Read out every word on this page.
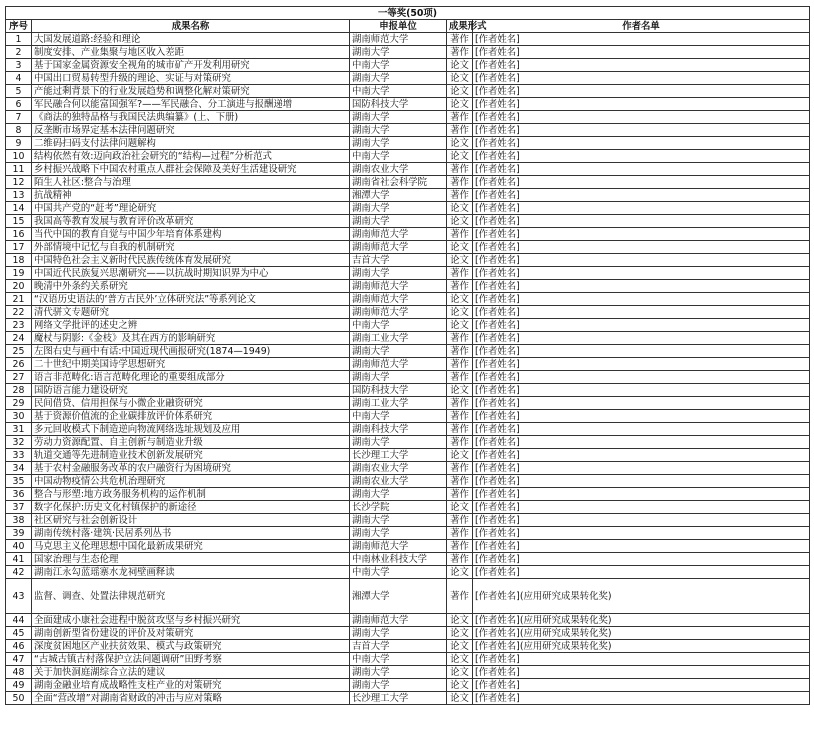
一等奖(50项)				
序号	成果名称	申报单位	成果形式	作者名单
1	大国发展道路:经验和理论	湖南师范大学	著作	[作者姓名]
2	制度安排、产业集聚与地区收入差距	湖南大学	著作	[作者姓名]
3	基于国家金属资源安全视角的城市矿产开发利用研究	中南大学	论文	[作者姓名]
4	中国出口贸易转型升级的理论、实证与对策研究	湖南大学	论文	[作者姓名]
5	产能过剩背景下的行业发展趋势和调整化解对策研究	中南大学	论文	[作者姓名]
6	军民融合何以能富国强军?——军民融合、分工演进与报酬递增	国防科技大学	论文	[作者姓名]
7	《商法的独特品格与我国民法典编纂》(上、下册)	湖南大学	著作	[作者姓名]
8	反垄断市场界定基本法律问题研究	湖南大学	著作	[作者姓名]
9	二维码扫码支付法律问题解构	湖南大学	论文	[作者姓名]
10	结构依然有效:迈向政治社会研究的“结构—过程”分析范式	中南大学	论文	[作者姓名]
11	乡村振兴战略下中国农村重点人群社会保障及美好生活建设研究	湖南农业大学	著作	[作者姓名]
12	陌生人社区:整合与治理	湖南省社会科学院	著作	[作者姓名]
13	抗战精神	湘潭大学	著作	[作者姓名]
14	中国共产党的“赶考”理论研究	湖南大学	论文	[作者姓名]
15	我国高等教育发展与教育评价改革研究	湖南大学	论文	[作者姓名]
16	当代中国的教育自觉与中国少年培育体系建构	湖南师范大学	著作	[作者姓名]
17	外部情境中记忆与自我的机制研究	湖南师范大学	论文	[作者姓名]
18	中国特色社会主义新时代民族传统体育发展研究	吉首大学	论文	[作者姓名]
19	中国近代民族复兴思潮研究——以抗战时期知识界为中心	湖南大学	著作	[作者姓名]
20	晚清中外条约关系研究	湖南师范大学	著作	[作者姓名]
21	“汉语历史语法的‘普方古民外’立体研究法”等系列论文	湖南师范大学	论文	[作者姓名]
22	清代骈文专题研究	湖南师范大学	论文	[作者姓名]
23	网络文学批评的述史之辨	中南大学	论文	[作者姓名]
24	魔杖与阴影:《金枝》及其在西方的影响研究	湖南工业大学	著作	[作者姓名]
25	左图右史与画中有话:中国近现代画报研究(1874—1949)	湖南大学	著作	[作者姓名]
26	二十世纪中期美国诗学思想研究	湖南师范大学	著作	[作者姓名]
27	语言非范畴化:语言范畴化理论的重要组成部分	湖南大学	著作	[作者姓名]
28	国防语言能力建设研究	国防科技大学	论文	[作者姓名]
29	民间借贷、信用担保与小微企业融资研究	湖南工业大学	著作	[作者姓名]
30	基于资源价值流的企业碳排放评价体系研究	中南大学	著作	[作者姓名]
31	多元回收模式下制造逆向物流网络选址规划及应用	湖南科技大学	著作	[作者姓名]
32	劳动力资源配置、自主创新与制造业升级	湖南大学	著作	[作者姓名]
33	轨道交通等先进制造业技术创新发展研究	长沙理工大学	论文	[作者姓名]
34	基于农村金融服务改革的农户融资行为困境研究	湖南农业大学	著作	[作者姓名]
35	中国动物疫情公共危机治理研究	湖南农业大学	著作	[作者姓名]
36	整合与形塑:地方政务服务机构的运作机制	湖南大学	著作	[作者姓名]
37	数字化保护:历史文化村镇保护的新途径	长沙学院	论文	[作者姓名]
38	社区研究与社会创新设计	湖南大学	著作	[作者姓名]
39	湖南传统村落·建筑·民居系列丛书	湖南大学	著作	[作者姓名]
40	马克思主义伦理思想中国化最新成果研究	湖南师范大学	著作	[作者姓名]
41	国家治理与生态伦理	中南林业科技大学	著作	[作者姓名]
42	湖南江永勾蓝瑶寨水龙祠壁画释读	中南大学	论文	[作者姓名]
43	监督、调查、处置法律规范研究	湘潭大学	著作	[作者姓名](应用研究成果转化奖)
44	全面建成小康社会进程中脱贫攻坚与乡村振兴研究	湖南师范大学	论文	[作者姓名](应用研究成果转化奖)
45	湖南创新型省份建设的评价及对策研究	湖南大学	论文	[作者姓名](应用研究成果转化奖)
46	深度贫困地区产业扶贫效果、模式与政策研究	吉首大学	论文	[作者姓名](应用研究成果转化奖)
47	“古城古镇古村落保护立法问题调研”田野考察	中南大学	论文	[作者姓名]
48	关于加快洞庭湖综合立法的建议	湖南大学	论文	[作者姓名]
49	湖南金融业培育成战略性支柱产业的对策研究	湖南大学	论文	[作者姓名]
50	全面“营改增”对湖南省财政的冲击与应对策略	长沙理工大学	论文	[作者姓名]
